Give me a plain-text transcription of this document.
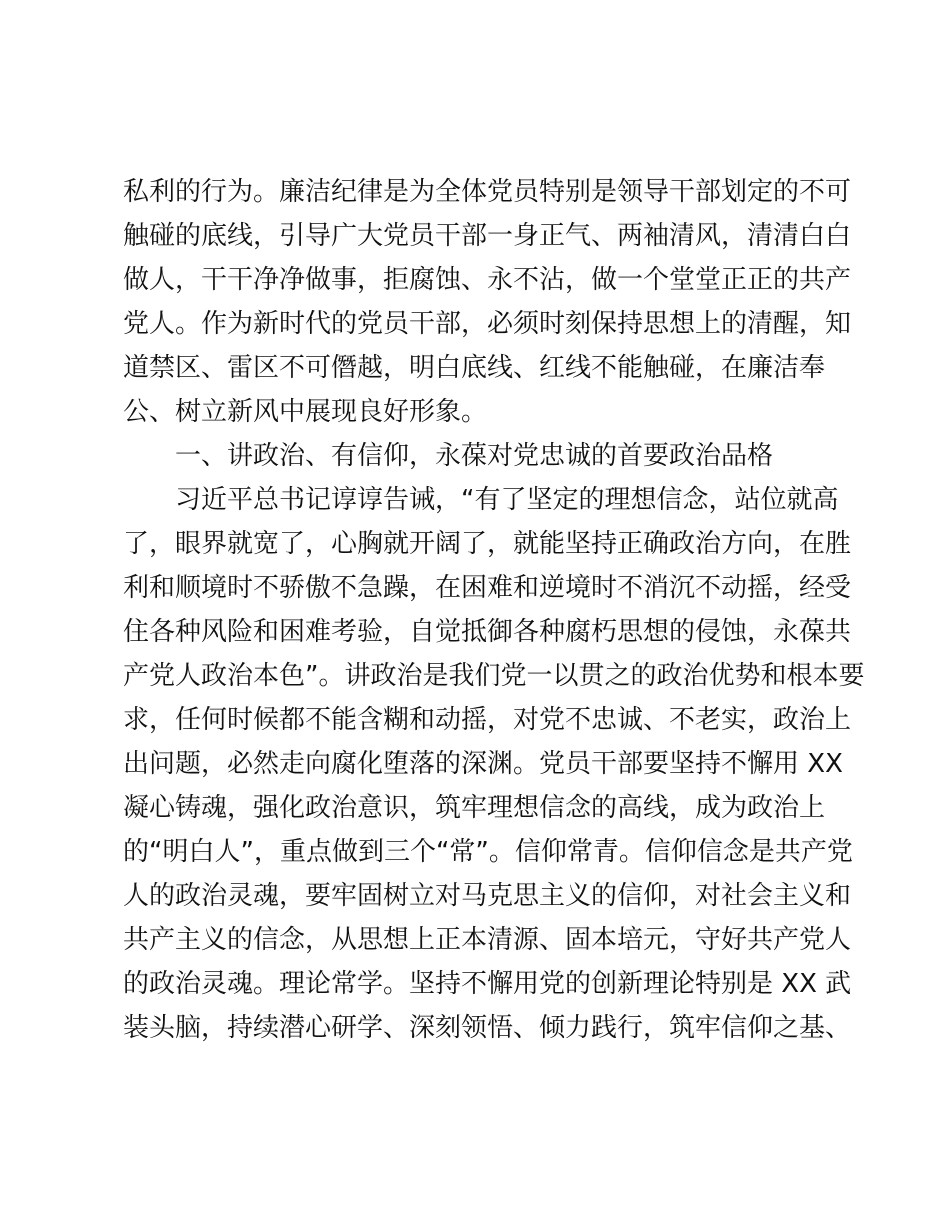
私利的行为。廉洁纪律是为全体党员特别是领导干部划定的不可
触碰的底线，引导广大党员干部一身正气、两袖清风，清清白白
做人，干干净净做事，拒腐蚀、永不沾，做一个堂堂正正的共产
党人。作为新时代的党员干部，必须时刻保持思想上的清醒，知
道禁区、雷区不可僭越，明白底线、红线不能触碰，在廉洁奉
公、树立新风中展现良好形象。
一、讲政治、有信仰，永葆对党忠诚的首要政治品格
习近平总书记谆谆告诫，“有了坚定的理想信念，站位就高
了，眼界就宽了，心胸就开阔了，就能坚持正确政治方向，在胜
利和顺境时不骄傲不急躁，在困难和逆境时不消沉不动摇，经受
住各种风险和困难考验，自觉抵御各种腐朽思想的侵蚀，永葆共
产党人政治本色”。讲政治是我们党一以贯之的政治优势和根本要
求，任何时候都不能含糊和动摇，对党不忠诚、不老实，政治上
出问题，必然走向腐化堕落的深渊。党员干部要坚持不懈用 XX
凝心铸魂，强化政治意识，筑牢理想信念的高线，成为政治上
的“明白人”，重点做到三个“常”。信仰常青。信仰信念是共产党
人的政治灵魂，要牢固树立对马克思主义的信仰，对社会主义和
共产主义的信念，从思想上正本清源、固本培元，守好共产党人
的政治灵魂。理论常学。坚持不懈用党的创新理论特别是 XX 武
装头脑，持续潜心研学、深刻领悟、倾力践行，筑牢信仰之基、
